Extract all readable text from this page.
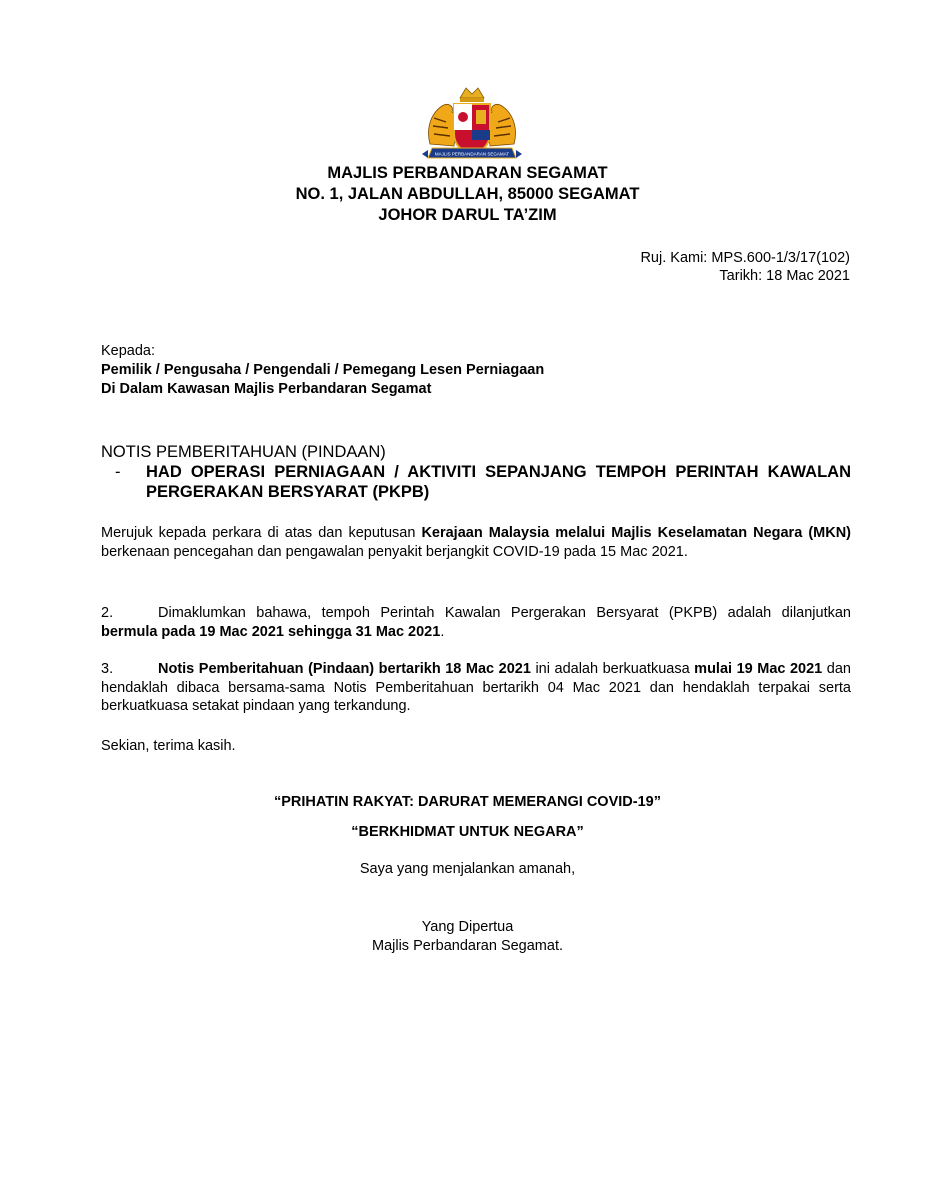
MAJLIS PERBANDARAN SEGAMAT
MAJLIS PERBANDARAN SEGAMAT
NO. 1, JALAN ABDULLAH, 85000 SEGAMAT
JOHOR DARUL TA’ZIM
Ruj. Kami: MPS.600-1/3/17(102)
Tarikh: 18 Mac 2021
Kepada:
Pemilik / Pengusaha / Pengendali / Pemegang Lesen Perniagaan
Di Dalam Kawasan Majlis Perbandaran Segamat
NOTIS PEMBERITAHUAN (PINDAAN)
-	HAD OPERASI PERNIAGAAN / AKTIVITI SEPANJANG TEMPOH PERINTAH KAWALAN PERGERAKAN BERSYARAT (PKPB)
Merujuk kepada perkara di atas dan keputusan Kerajaan Malaysia melalui Majlis Keselamatan Negara (MKN) berkenaan pencegahan dan pengawalan penyakit berjangkit COVID-19 pada 15 Mac 2021.
2.	Dimaklumkan bahawa, tempoh Perintah Kawalan Pergerakan Bersyarat (PKPB) adalah dilanjutkan bermula pada 19 Mac 2021 sehingga 31 Mac 2021.
3.	Notis Pemberitahuan (Pindaan) bertarikh 18 Mac 2021 ini adalah berkuatkuasa mulai 19 Mac 2021 dan hendaklah dibaca bersama-sama Notis Pemberitahuan bertarikh 04 Mac 2021 dan hendaklah terpakai serta berkuatkuasa setakat pindaan yang terkandung.
Sekian, terima kasih.
“PRIHATIN RAKYAT: DARURAT MEMERANGI COVID-19”
“BERKHIDMAT UNTUK NEGARA”
Saya yang menjalankan amanah,
Yang Dipertua
Majlis Perbandaran Segamat.
